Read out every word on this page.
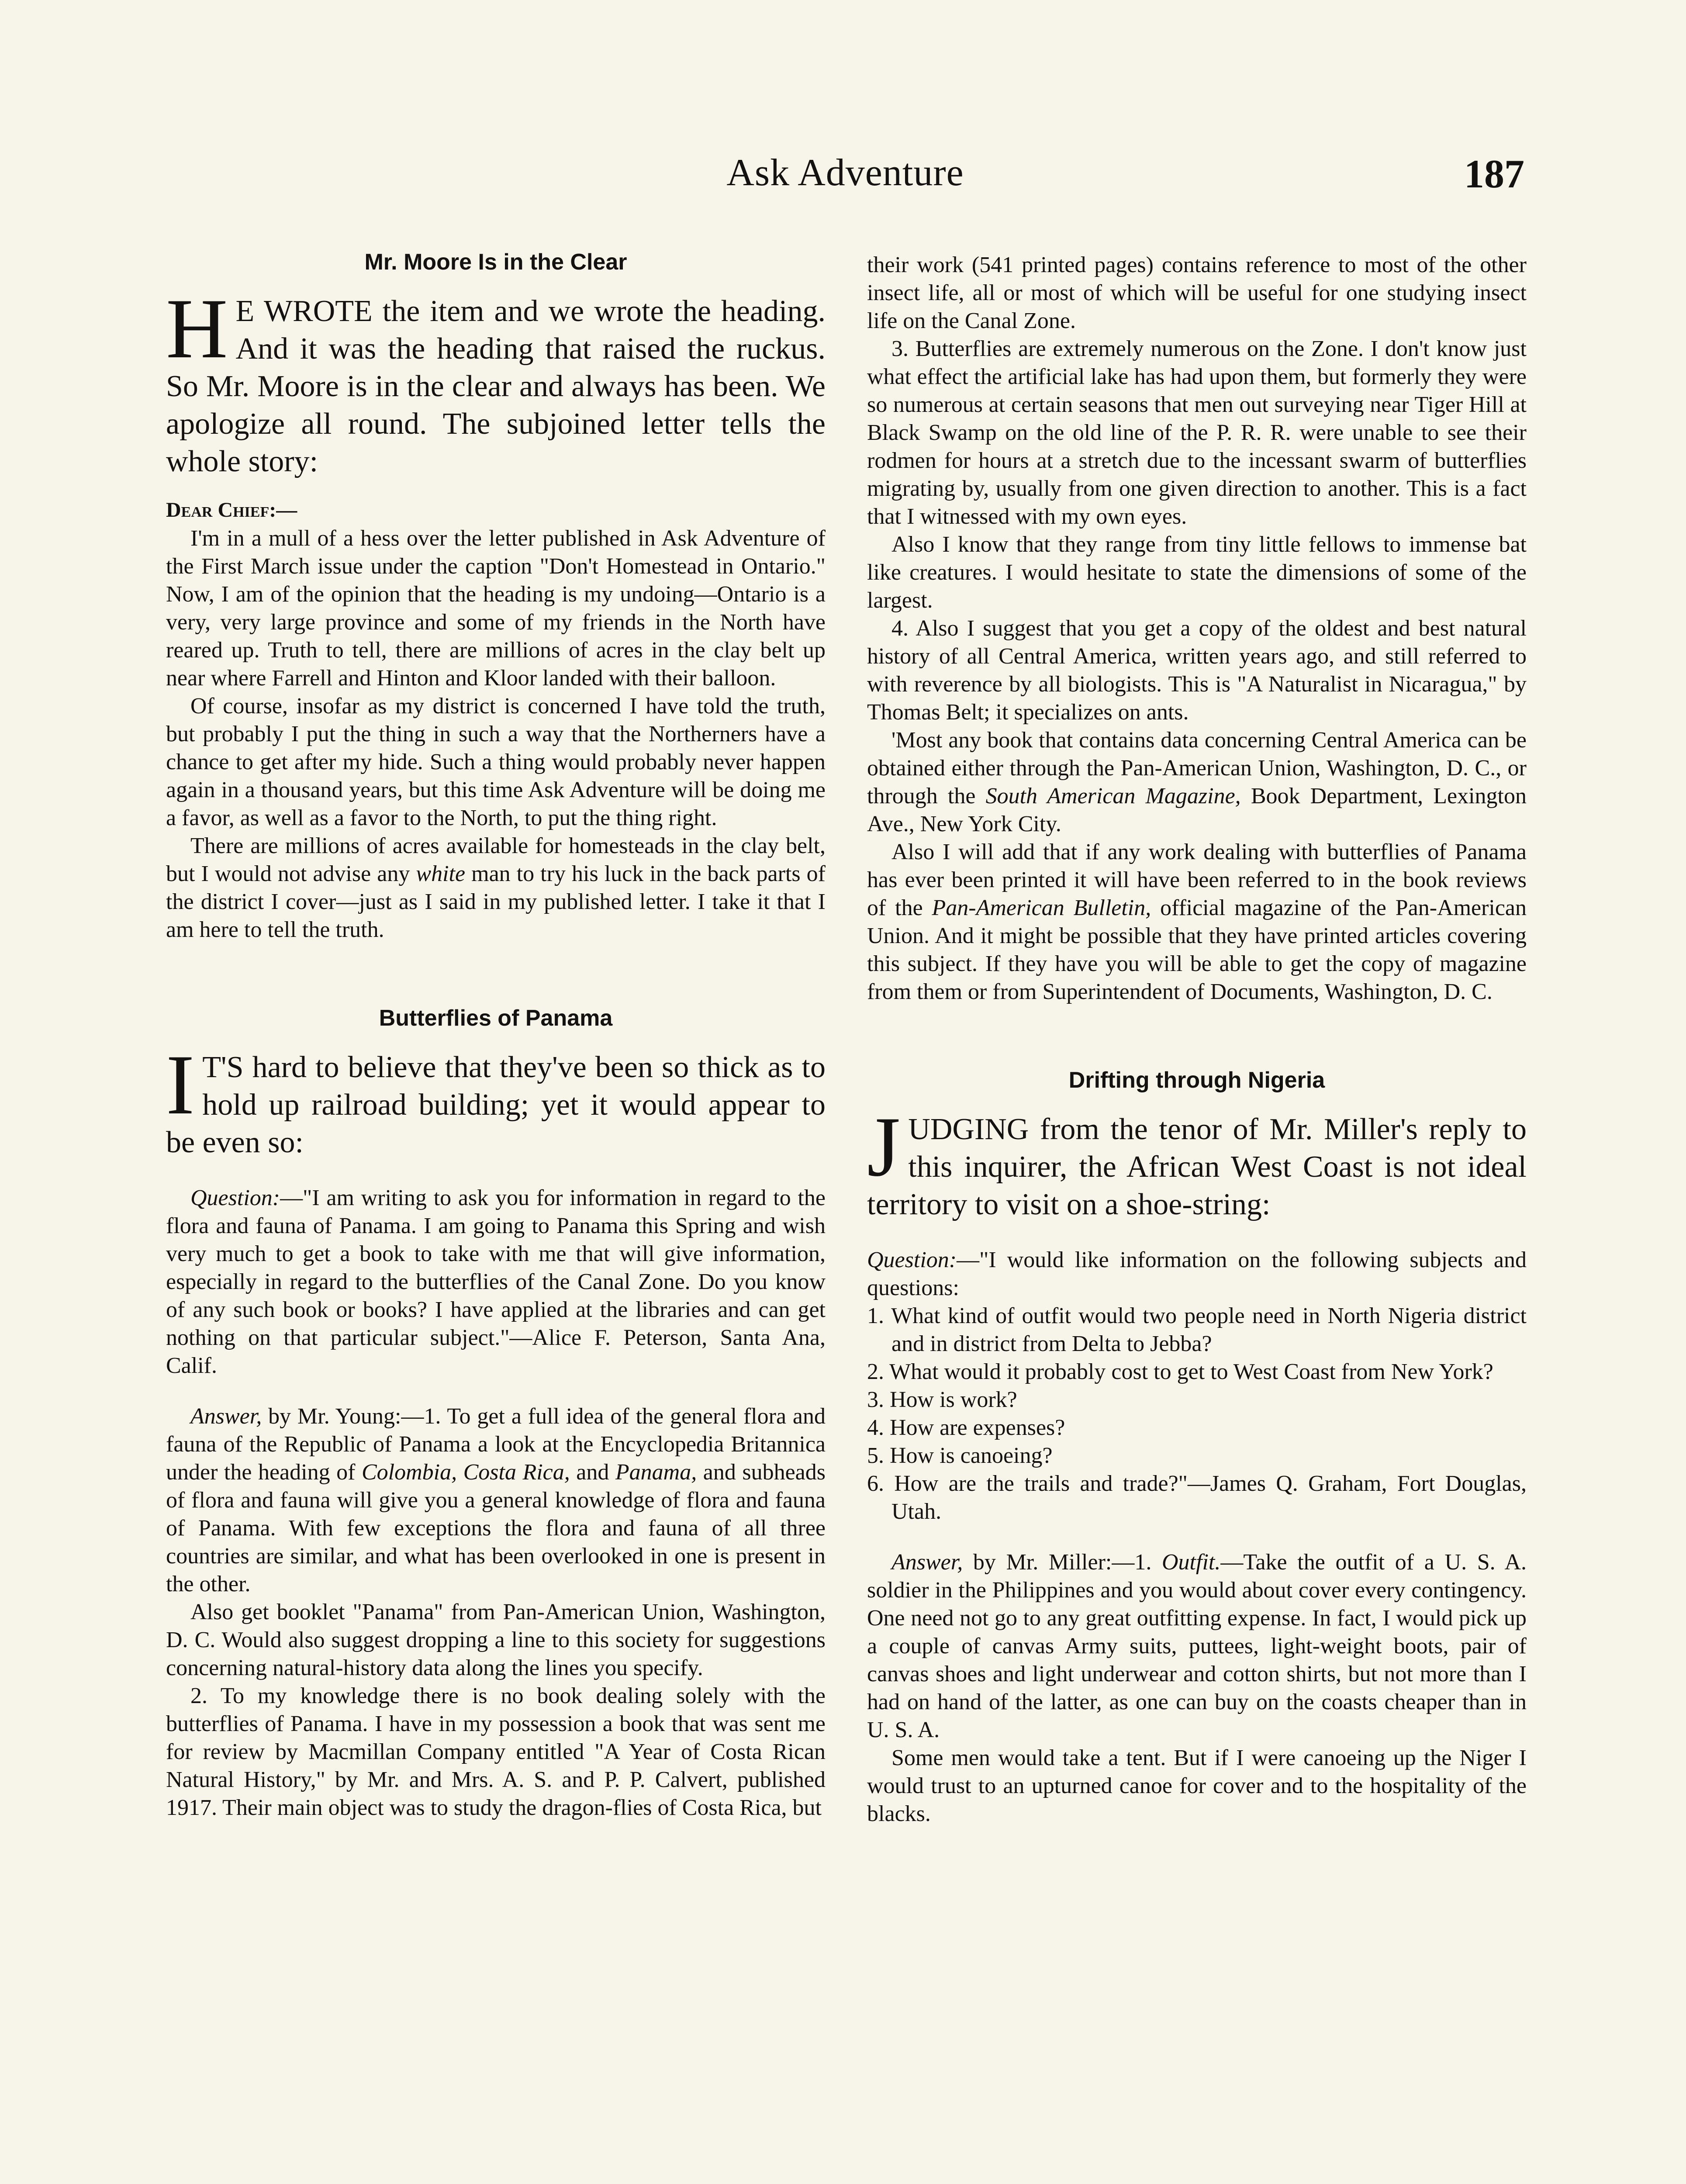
Ask Adventure	187
Mr. Moore Is in the Clear
H E WROTE the item and we wrote the heading. And it was the heading that raised the ruckus. So Mr. Moore is in the clear and always has been. We apologize all round. The subjoined letter tells the whole story:
Dear Chief:—

I'm in a mull of a hess over the letter published in Ask Adventure of the First March issue under the caption "Don't Homestead in Ontario." Now, I am of the opinion that the heading is my undoing—Ontario is a very, very large province and some of my friends in the North have reared up. Truth to tell, there are millions of acres in the clay belt up near where Farrell and Hinton and Kloor landed with their balloon.

Of course, insofar as my district is concerned I have told the truth, but probably I put the thing in such a way that the Northerners have a chance to get after my hide. Such a thing would probably never happen again in a thousand years, but this time Ask Adventure will be doing me a favor, as well as a favor to the North, to put the thing right.

There are millions of acres available for homesteads in the clay belt, but I would not advise any white man to try his luck in the back parts of the district I cover—just as I said in my published letter. I take it that I am here to tell the truth.

Butterflies of Panama
I T'S hard to believe that they've been so thick as to hold up railroad building; yet it would appear to be even so:

Question:—"I am writing to ask you for information in regard to the flora and fauna of Panama. I am going to Panama this Spring and wish very much to get a book to take with me that will give information, especially in regard to the butterflies of the Canal Zone. Do you know of any such book or books? I have applied at the libraries and can get nothing on that particular subject."—Alice F. Peterson, Santa Ana, Calif.

Answer, by Mr. Young:—1. To get a full idea of the general flora and fauna of the Republic of Panama a look at the Encyclopedia Britannica under the heading of Colombia, Costa Rica, and Panama, and subheads of flora and fauna will give you a general knowledge of flora and fauna of Panama. With few exceptions the flora and fauna of all three countries are similar, and what has been overlooked in one is present in the other.

Also get booklet "Panama" from Pan-American Union, Washington, D. C. Would also suggest dropping a line to this society for suggestions concerning natural-history data along the lines you specify.

2. To my knowledge there is no book dealing solely with the butterflies of Panama. I have in my possession a book that was sent me for review by Macmillan Company entitled "A Year of Costa Rican Natural History," by Mr. and Mrs. A. S. and P. P. Calvert, published 1917. Their main object was to study the dragon-flies of Costa Rica, but

their work (541 printed pages) contains reference to most of the other insect life, all or most of which will be useful for one studying insect life on the Canal Zone.

3. Butterflies are extremely numerous on the Zone. I don't know just what effect the artificial lake has had upon them, but formerly they were so numerous at certain seasons that men out surveying near Tiger Hill at Black Swamp on the old line of the P. R. R. were unable to see their rodmen for hours at a stretch due to the incessant swarm of butterflies migrating by, usually from one given direction to another. This is a fact that I witnessed with my own eyes.

Also I know that they range from tiny little fellows to immense bat like creatures. I would hesitate to state the dimensions of some of the largest.

4. Also I suggest that you get a copy of the oldest and best natural history of all Central America, written years ago, and still referred to with reverence by all biologists. This is "A Naturalist in Nicaragua," by Thomas Belt; it specializes on ants.

'Most any book that contains data concerning Central America can be obtained either through the Pan-American Union, Washington, D. C., or through the South American Magazine, Book Department, Lexington Ave., New York City.

Also I will add that if any work dealing with butterflies of Panama has ever been printed it will have been referred to in the book reviews of the Pan-American Bulletin, official magazine of the Pan-American Union. And it might be possible that they have printed articles covering this subject. If they have you will be able to get the copy of magazine from them or from Superintendent of Documents, Washington, D. C.

Drifting through Nigeria
JUDGING from the tenor of Mr. Miller's reply to this inquirer, the African West Coast is not ideal territory to visit on a shoe-string:

Question:—"I would like information on the following subjects and questions:

1. What kind of outfit would two people need in North Nigeria district and in district from Delta to Jebba?

2. What would it probably cost to get to West Coast from New York?

3. How is work?

4. How are expenses?

5. How is canoeing?

6. How are the trails and trade?"—James Q. Graham, Fort Douglas, Utah.

Answer, by Mr. Miller:—1. Outfit.—Take the outfit of a U. S. A. soldier in the Philippines and you would about cover every contingency. One need not go to any great outfitting expense. In fact, I would pick up a couple of canvas Army suits, puttees, light-weight boots, pair of canvas shoes and light underwear and cotton shirts, but not more than I had on hand of the latter, as one can buy on the coasts cheaper than in U. S. A.

Some men would take a tent. But if I were canoeing up the Niger I would trust to an upturned canoe for cover and to the hospitality of the blacks.
